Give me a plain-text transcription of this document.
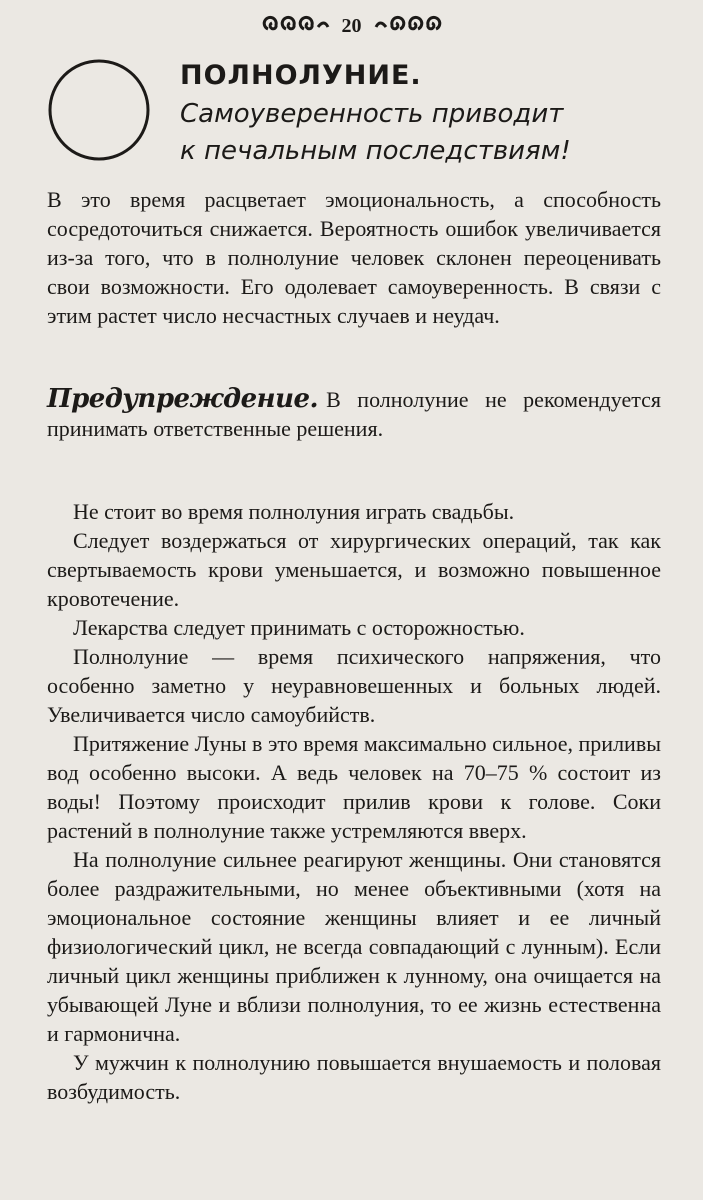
20
ПОЛНОЛУНИЕ.
Самоуверенность приводит
к печальным последствиям!
В это время расцветает эмоциональность, а способность сосредоточиться снижается. Вероятность ошибок увеличивается из-за того, что в полнолуние человек склонен переоценивать свои возможности. Его одолевает самоуверенность. В связи с этим растет число несчастных случаев и неудач.
Предупреждение. В полнолуние не рекомендуется принимать ответственные решения.

Не стоит во время полнолуния играть свадьбы.

Следует воздержаться от хирургических операций, так как свертываемость крови уменьшается, и возможно повышенное кровотечение.

Лекарства следует принимать с осторожностью.

Полнолуние — время психического напряжения, что особенно заметно у неуравновешенных и больных людей. Увеличивается число самоубийств.

Притяжение Луны в это время максимально сильное, приливы вод особенно высоки. А ведь человек на 70–75 % состоит из воды! Поэтому происходит прилив крови к голове. Соки растений в полнолуние также устремляются вверх.

На полнолуние сильнее реагируют женщины. Они становятся более раздражительными, но менее объективными (хотя на эмоциональное состояние женщины влияет и ее личный физиологический цикл, не всегда совпадающий с лунным). Если личный цикл женщины приближен к лунному, она очищается на убывающей Луне и вблизи полнолуния, то ее жизнь естественна и гармонична.

У мужчин к полнолунию повышается внушаемость и половая возбудимость.
